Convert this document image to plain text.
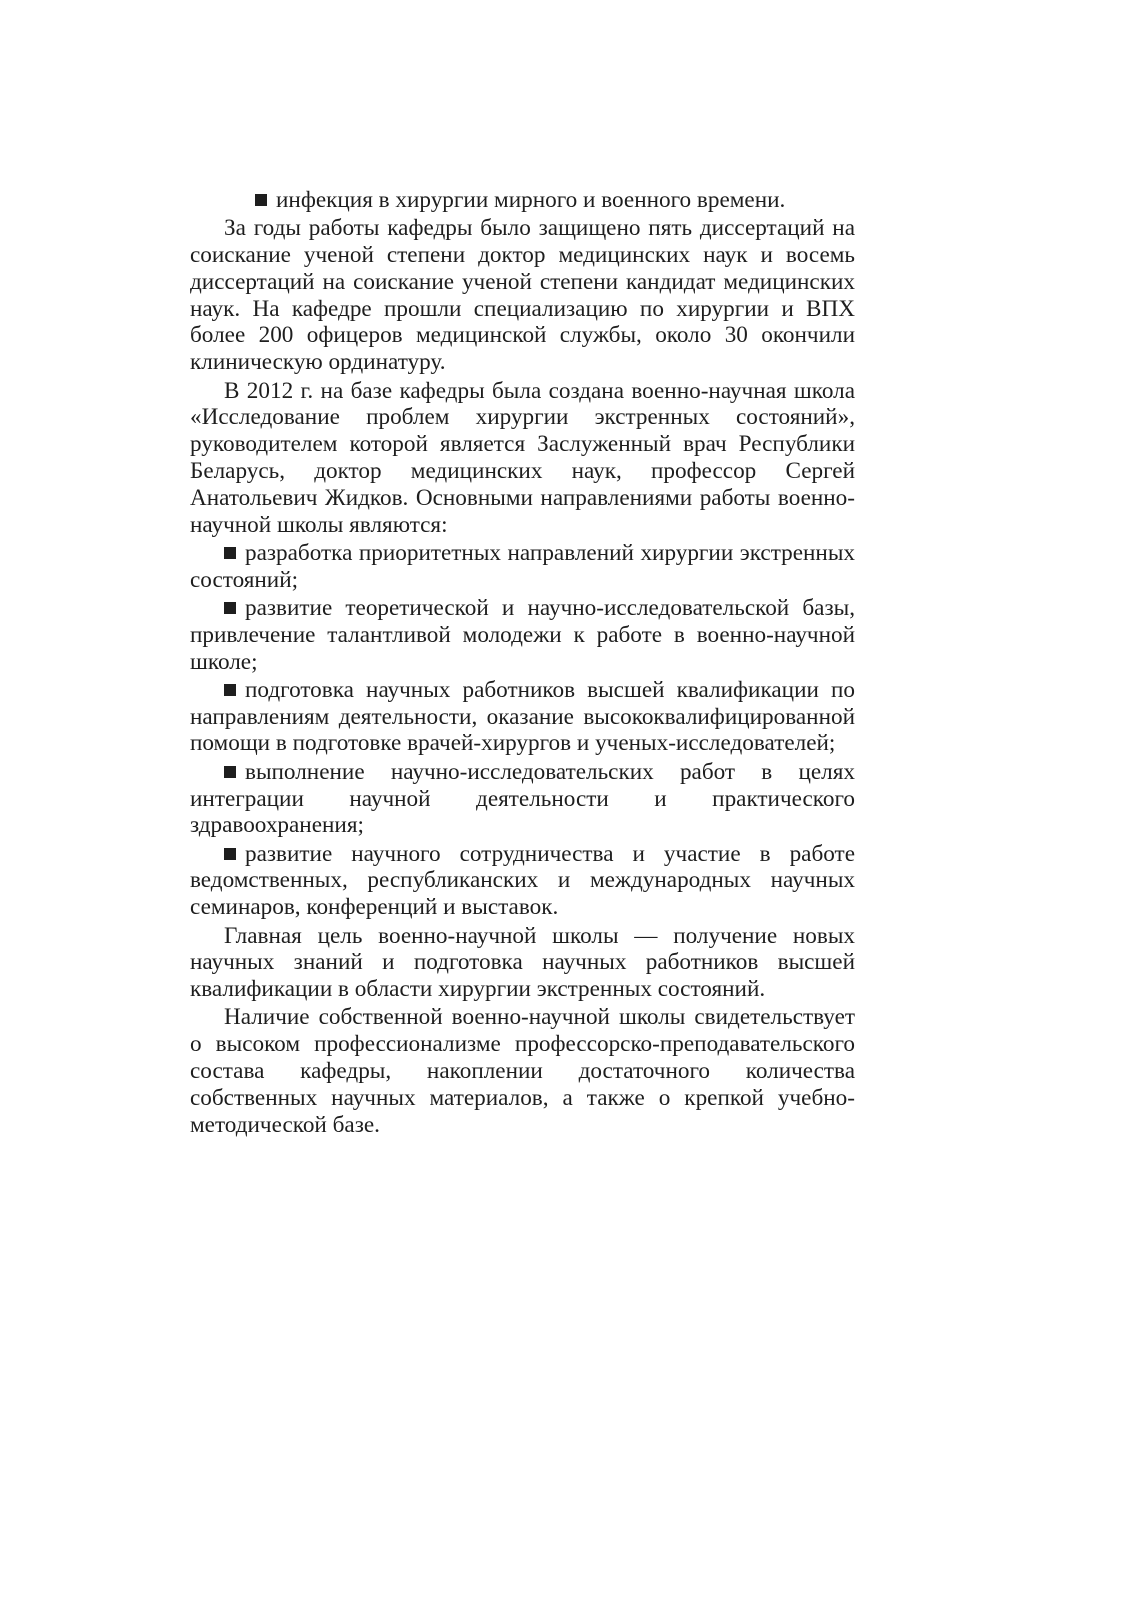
инфекция в хирургии мирного и военного времени.

За годы работы кафедры было защищено пять диссертаций на соискание ученой степени доктор медицинских наук и восемь диссертаций на соискание ученой степени кандидат медицинских наук. На кафедре прошли специализацию по хирургии и ВПХ более 200 офицеров медицинской службы, около 30 окончили клиническую ординатуру.

В 2012 г. на базе кафедры была создана военно-научная школа «Исследование проблем хирургии экстренных состояний», руководителем которой является Заслуженный врач Республики Беларусь, доктор медицинских наук, профессор Сергей Анатольевич Жидков. Основными направлениями работы военно-научной школы являются:

разработка приоритетных направлений хирургии экстренных состояний;

развитие теоретической и научно-исследовательской базы, привлечение талантливой молодежи к работе в военно-научной школе;

подготовка научных работников высшей квалификации по направлениям деятельности, оказание высококвалифицированной помощи в подготовке врачей-хирургов и ученых-исследователей;

выполнение научно-исследовательских работ в целях интеграции научной деятельности и практического здравоохранения;

развитие научного сотрудничества и участие в работе ведомственных, республиканских и международных научных семинаров, конференций и выставок.

Главная цель военно-научной школы — получение новых научных знаний и подготовка научных работников высшей квалификации в области хирургии экстренных состояний.

Наличие собственной военно-научной школы свидетельствует о высоком профессионализме профессорско-преподавательского состава кафедры, накоплении достаточного количества собственных научных материалов, а также о крепкой учебно-методической базе.
